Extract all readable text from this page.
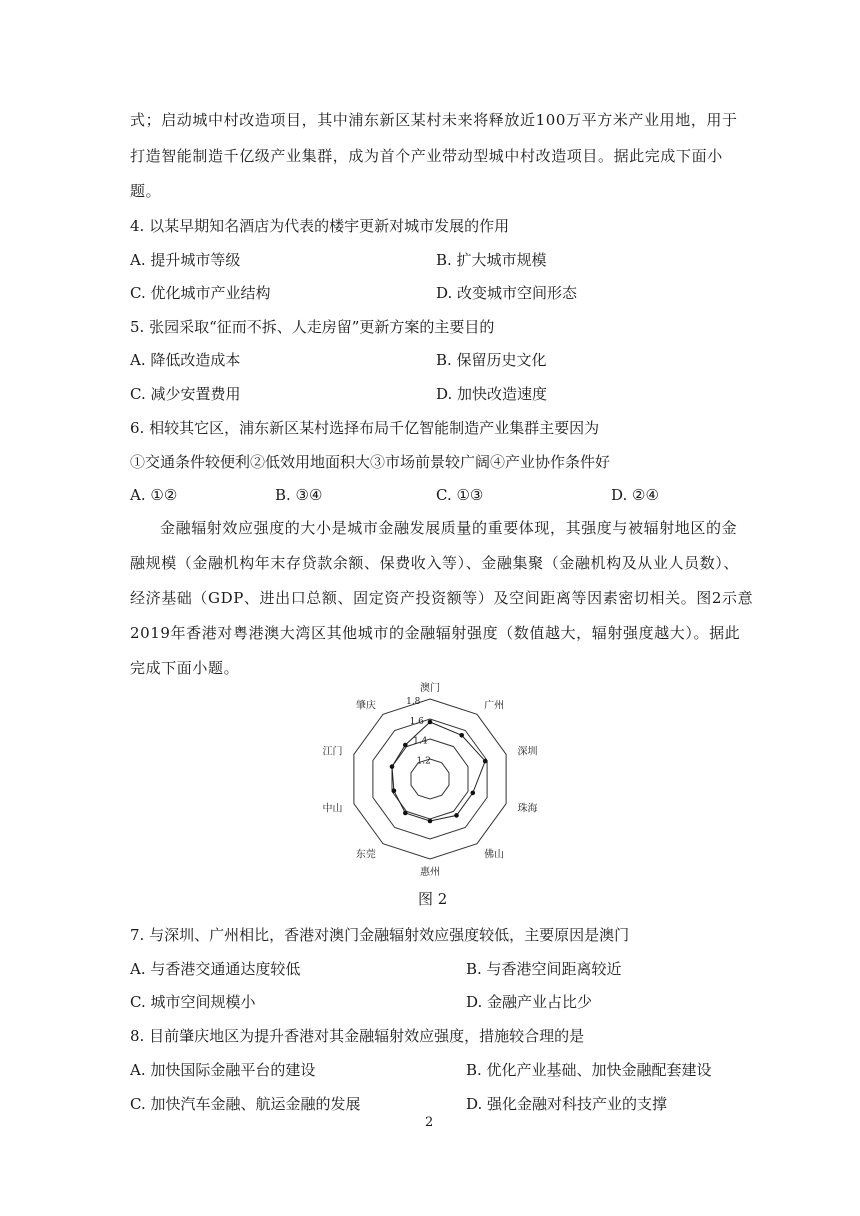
式；启动城中村改造项目，其中浦东新区某村未来将释放近100万平方米产业用地，用于
打造智能制造千亿级产业集群，成为首个产业带动型城中村改造项目。据此完成下面小
题。
4. 以某早期知名酒店为代表的楼宇更新对城市发展的作用
A. 提升城市等级	B. 扩大城市规模
C. 优化城市产业结构	D. 改变城市空间形态
5. 张园采取“征而不拆、人走房留”更新方案的主要目的
A. 降低改造成本	B. 保留历史文化
C. 减少安置费用	D. 加快改造速度
6. 相较其它区，浦东新区某村选择布局千亿智能制造产业集群主要因为
①交通条件较便利②低效用地面积大③市场前景较广阔④产业协作条件好
A. ①②	B. ③④	C. ①③	D. ②④
金融辐射效应强度的大小是城市金融发展质量的重要体现，其强度与被辐射地区的金
融规模（金融机构年末存贷款余额、保费收入等）、金融集聚（金融机构及从业人员数）、
经济基础（GDP、进出口总额、固定资产投资额等）及空间距离等因素密切相关。图2示意
2019年香港对粤港澳大湾区其他城市的金融辐射强度（数值越大，辐射强度越大）。据此
完成下面小题。
1.2
1.4
1.6
1.8
澳门
广州
深圳
珠海
佛山
惠州
东莞
中山
江门
肇庆
图 2
7. 与深圳、广州相比，香港对澳门金融辐射效应强度较低，主要原因是澳门
A. 与香港交通通达度较低	B. 与香港空间距离较近
C. 城市空间规模小	D. 金融产业占比少
8. 目前肇庆地区为提升香港对其金融辐射效应强度，措施较合理的是
A. 加快国际金融平台的建设	B. 优化产业基础、加快金融配套建设
C. 加快汽车金融、航运金融的发展	D. 强化金融对科技产业的支撑
2
